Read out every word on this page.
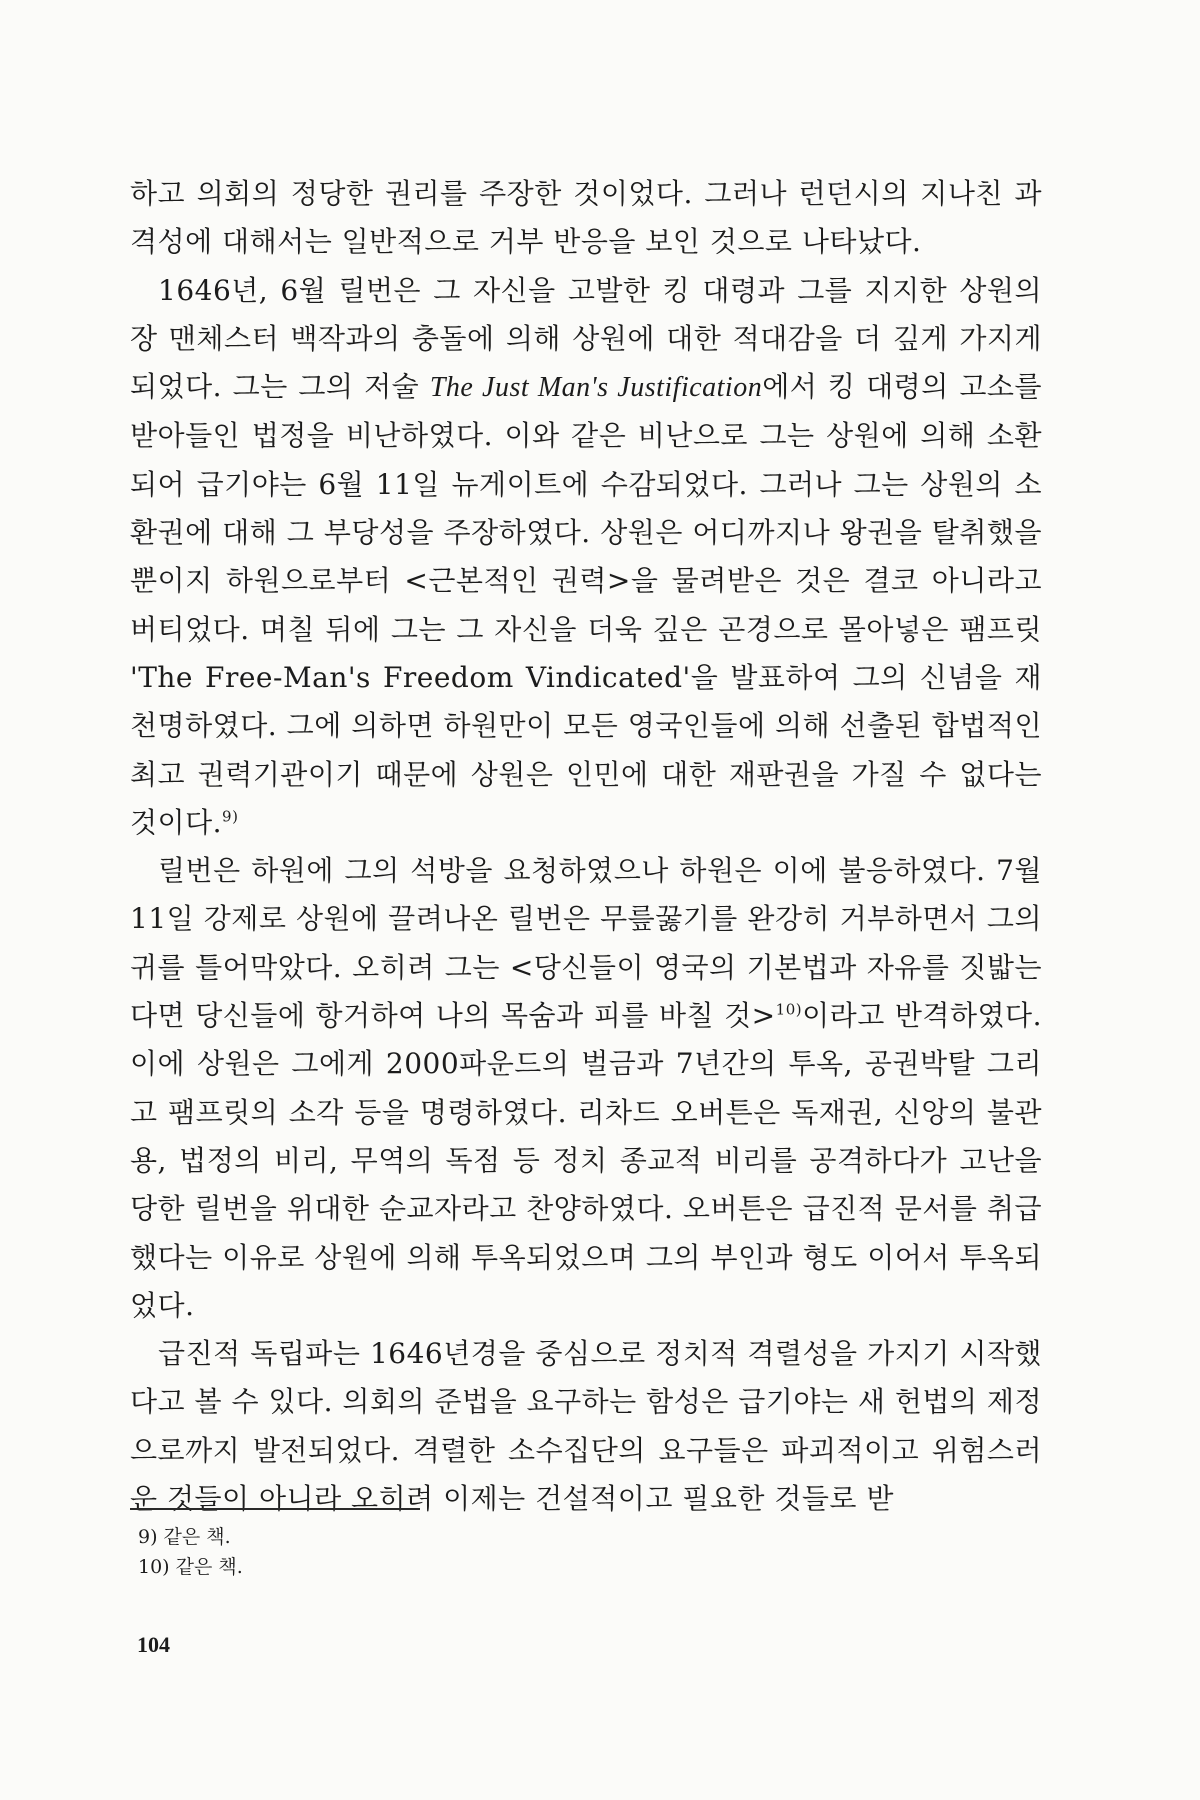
하고 의회의 정당한 권리를 주장한 것이었다. 그러나 런던시의 지나친 과격성에 대해서는 일반적으로 거부 반응을 보인 것으로 나타났다.

1646년, 6월 릴번은 그 자신을 고발한 킹 대령과 그를 지지한 상원의 장 맨체스터 백작과의 충돌에 의해 상원에 대한 적대감을 더 깊게 가지게 되었다. 그는 그의 저술 The Just Man's Justification에서 킹 대령의 고소를 받아들인 법정을 비난하였다. 이와 같은 비난으로 그는 상원에 의해 소환되어 급기야는 6월 11일 뉴게이트에 수감되었다. 그러나 그는 상원의 소환권에 대해 그 부당성을 주장하였다. 상원은 어디까지나 왕권을 탈취했을 뿐이지 하원으로부터 <근본적인 권력>을 물려받은 것은 결코 아니라고 버티었다. 며칠 뒤에 그는 그 자신을 더욱 깊은 곤경으로 몰아넣은 팸프릿 'The Free-Man's Freedom Vindicated'을 발표하여 그의 신념을 재천명하였다. 그에 의하면 하원만이 모든 영국인들에 의해 선출된 합법적인 최고 권력기관이기 때문에 상원은 인민에 대한 재판권을 가질 수 없다는 것이다.$^{9)}$

릴번은 하원에 그의 석방을 요청하였으나 하원은 이에 불응하였다. 7월 11일 강제로 상원에 끌려나온 릴번은 무릎꿇기를 완강히 거부하면서 그의 귀를 틀어막았다. 오히려 그는 <당신들이 영국의 기본법과 자유를 짓밟는다면 당신들에 항거하여 나의 목숨과 피를 바칠 것>$^{10)}$이라고 반격하였다. 이에 상원은 그에게 2000파운드의 벌금과 7년간의 투옥, 공권박탈 그리고 팸프릿의 소각 등을 명령하였다. 리차드 오버튼은 독재권, 신앙의 불관용, 법정의 비리, 무역의 독점 등 정치 종교적 비리를 공격하다가 고난을 당한 릴번을 위대한 순교자라고 찬양하였다. 오버튼은 급진적 문서를 취급했다는 이유로 상원에 의해 투옥되었으며 그의 부인과 형도 이어서 투옥되었다.

급진적 독립파는 1646년경을 중심으로 정치적 격렬성을 가지기 시작했다고 볼 수 있다. 의회의 준법을 요구하는 함성은 급기야는 새 헌법의 제정으로까지 발전되었다. 격렬한 소수집단의 요구들은 파괴적이고 위험스러운 것들이 아니라 오히려 이제는 건설적이고 필요한 것들로 받

9) 같은 책.
10) 같은 책.
104
